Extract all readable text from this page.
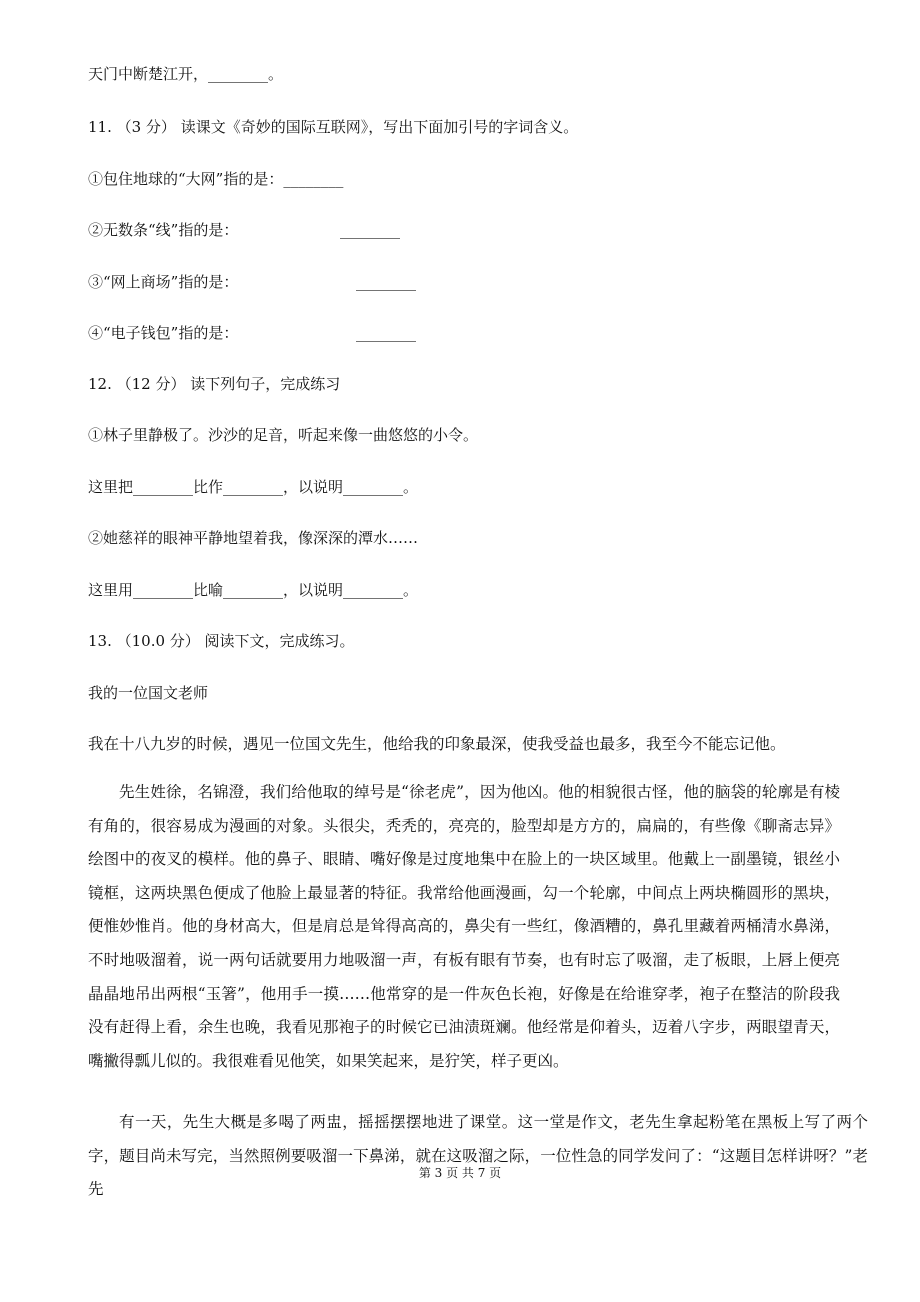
天门中断楚江开，________。
11. （3 分） 读课文《奇妙的国际互联网》，写出下面加引号的字词含义。
①包住地球的“大网”指的是：________
②无数条“线”指的是：	________
③“网上商场”指的是：	________
④“电子钱包”指的是：	________
12. （12 分） 读下列句子，完成练习
①林子里静极了。沙沙的足音，听起来像一曲悠悠的小令。
这里把________比作________，以说明________。
②她慈祥的眼神平静地望着我，像深深的潭水……
这里用________比喻________，以说明________。
13. （10.0 分） 阅读下文，完成练习。
我的一位国文老师
我在十八九岁的时候，遇见一位国文先生，他给我的印象最深，使我受益也最多，我至今不能忘记他。
先生姓徐，名锦澄，我们给他取的绰号是“徐老虎”，因为他凶。他的相貌很古怪，他的脑袋的轮廓是有棱有角的，很容易成为漫画的对象。头很尖，秃秃的，亮亮的，脸型却是方方的，扁扁的，有些像《聊斋志异》绘图中的夜叉的模样。他的鼻子、眼睛、嘴好像是过度地集中在脸上的一块区域里。他戴上一副墨镜，银丝小镜框，这两块黑色便成了他脸上最显著的特征。我常给他画漫画，勾一个轮廓，中间点上两块椭圆形的黑块，便惟妙惟肖。他的身材高大，但是肩总是耸得高高的，鼻尖有一些红，像酒糟的，鼻孔里藏着两桶清水鼻涕，不时地吸溜着，说一两句话就要用力地吸溜一声，有板有眼有节奏，也有时忘了吸溜，走了板眼，上唇上便亮晶晶地吊出两根“玉箸”，他用手一摸……他常穿的是一件灰色长袍，好像是在给谁穿孝，袍子在整洁的阶段我没有赶得上看，余生也晚，我看见那袍子的时候它已油渍斑斓。他经常是仰着头，迈着八字步，两眼望青天，嘴撇得瓢儿似的。我很难看见他笑，如果笑起来，是狞笑，样子更凶。
有一天，先生大概是多喝了两盅，摇摇摆摆地进了课堂。这一堂是作文，老先生拿起粉笔在黑板上写了两个字，题目尚未写完，当然照例要吸溜一下鼻涕，就在这吸溜之际，一位性急的同学发问了：“这题目怎样讲呀？”老先
第 3 页 共 7 页
